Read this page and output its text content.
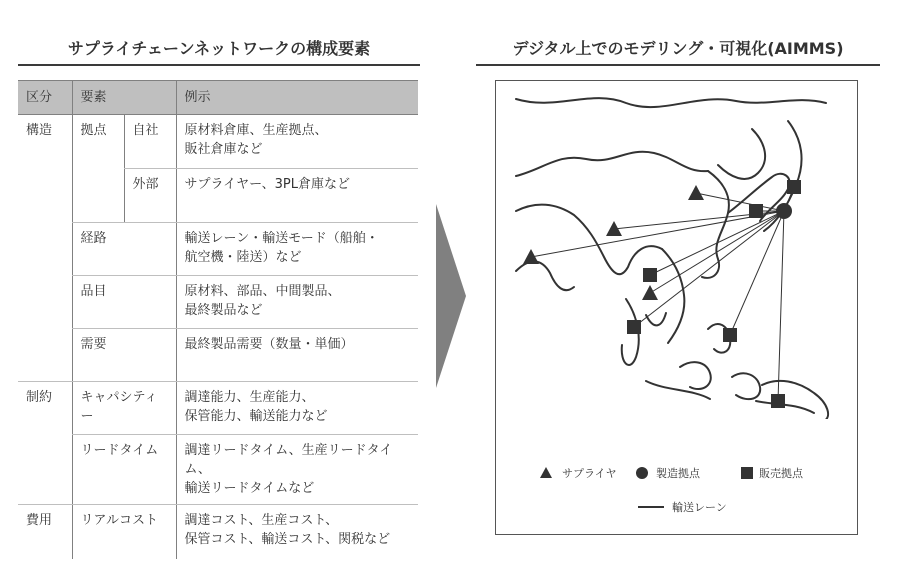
サプライチェーンネットワークの構成要素	デジタル上でのモデリング・可視化(AIMMS)
区分	要素		例示
構造	拠点	自社	原材料倉庫、生産拠点、
販社倉庫など
		外部	サプライヤー、3PL倉庫など
	経路		輸送レーン・輸送モード（船舶・
航空機・陸送）など
	品目		原材料、部品、中間製品、
最終製品など
	需要		最終製品需要（数量・単価）
制約	キャパシティー		調達能力、生産能力、
保管能力、輸送能力など
	リードタイム		調達リードタイム、生産リードタイム、
輸送リードタイムなど
費用	リアルコスト		調達コスト、生産コスト、
保管コスト、輸送コスト、関税など
サプライヤ	製造拠点	販売拠点
輸送レーン
